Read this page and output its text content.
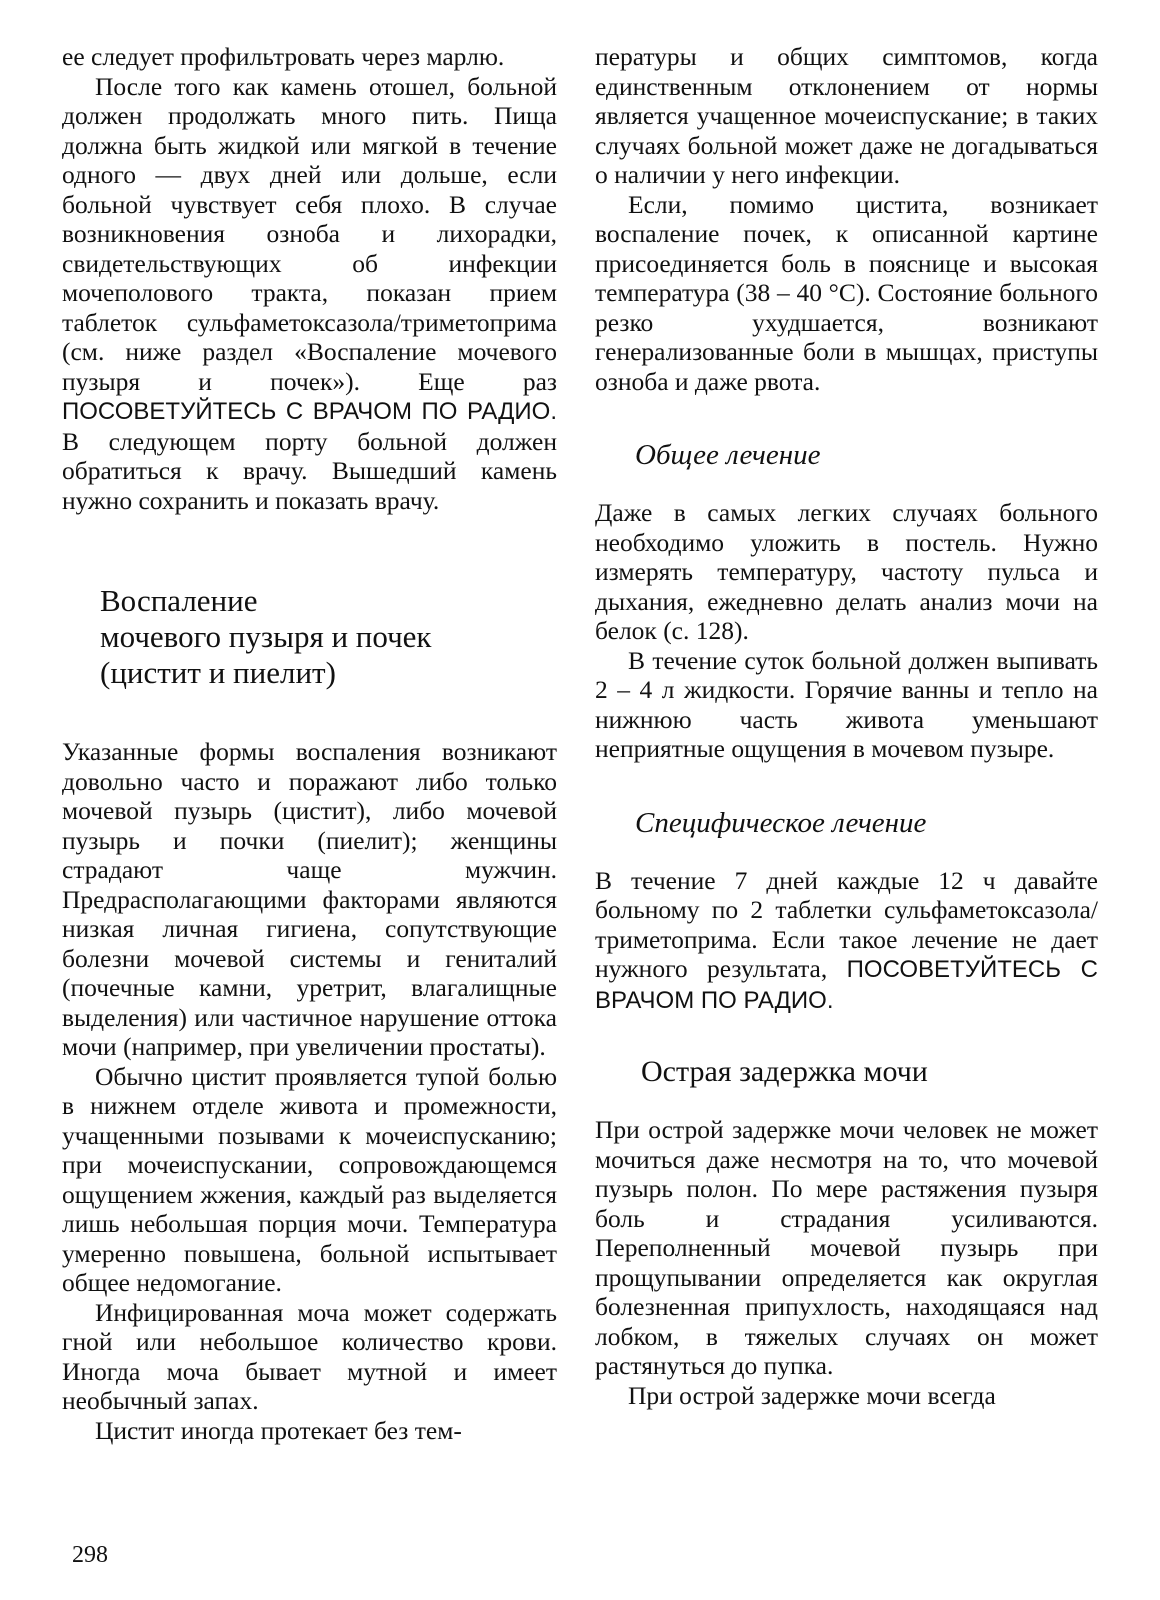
ее следует профильтровать через марлю.

После того как камень отошел, больной должен продолжать много пить. Пища должна быть жидкой или мягкой в течение одного — двух дней или дольше, если больной чувствует себя плохо. В случае возникновения озноба и лихорадки, свидетельствующих об инфекции мочеполового тракта, показан прием таблеток сульфаметоксазола/триметоприма (см. ниже раздел «Воспаление мочевого пузыря и почек»). Еще раз ПОСОВЕТУЙТЕСЬ С ВРАЧОМ ПО РАДИО. В следующем порту больной должен обратиться к врачу. Вышедший камень нужно сохранить и показать врачу.

Воспаление
мочевого пузыря и почек
(цистит и пиелит)

Указанные формы воспаления возникают довольно часто и поражают либо только мочевой пузырь (цистит), либо мочевой пузырь и почки (пиелит); женщины страдают чаще мужчин. Предрасполагающими факторами являются низкая личная гигиена, сопутствующие болезни мочевой системы и гениталий (почечные камни, уретрит, влагалищные выделения) или частичное нарушение оттока мочи (например, при увеличении простаты).

Обычно цистит проявляется тупой болью в нижнем отделе живота и промежности, учащенными позывами к мочеиспусканию; при мочеиспускании, сопровождающемся ощущением жжения, каждый раз выделяется лишь небольшая порция мочи. Температура умеренно повышена, больной испытывает общее недомогание.

Инфицированная моча может содержать гной или небольшое количество крови. Иногда моча бывает мутной и имеет необычный запах.

Цистит иногда протекает без тем-

пературы и общих симптомов, когда единственным отклонением от нормы является учащенное мочеиспускание; в таких случаях больной может даже не догадываться о наличии у него инфекции.

Если, помимо цистита, возникает воспаление почек, к описанной картине присоединяется боль в пояснице и высокая температура (38 – 40 °C). Состояние больного резко ухудшается, возникают генерализованные боли в мышцах, приступы озноба и даже рвота.

Общее лечение

Даже в самых легких случаях больного необходимо уложить в постель. Нужно измерять температуру, частоту пульса и дыхания, ежедневно делать анализ мочи на белок (с. 128).

В течение суток больной должен выпивать 2 – 4 л жидкости. Горячие ванны и тепло на нижнюю часть живота уменьшают неприятные ощущения в мочевом пузыре.

Специфическое лечение

В течение 7 дней каждые 12 ч давайте больному по 2 таблетки сульфаметоксазола/триметоприма. Если такое лечение не дает нужного результата, ПОСОВЕТУЙТЕСЬ С ВРАЧОМ ПО РАДИО.

Острая задержка мочи

При острой задержке мочи человек не может мочиться даже несмотря на то, что мочевой пузырь полон. По мере растяжения пузыря боль и страдания усиливаются. Переполненный мочевой пузырь при прощупывании определяется как округлая болезненная припухлость, находящаяся над лобком, в тяжелых случаях он может растянуться до пупка.

При острой задержке мочи всегда

298
